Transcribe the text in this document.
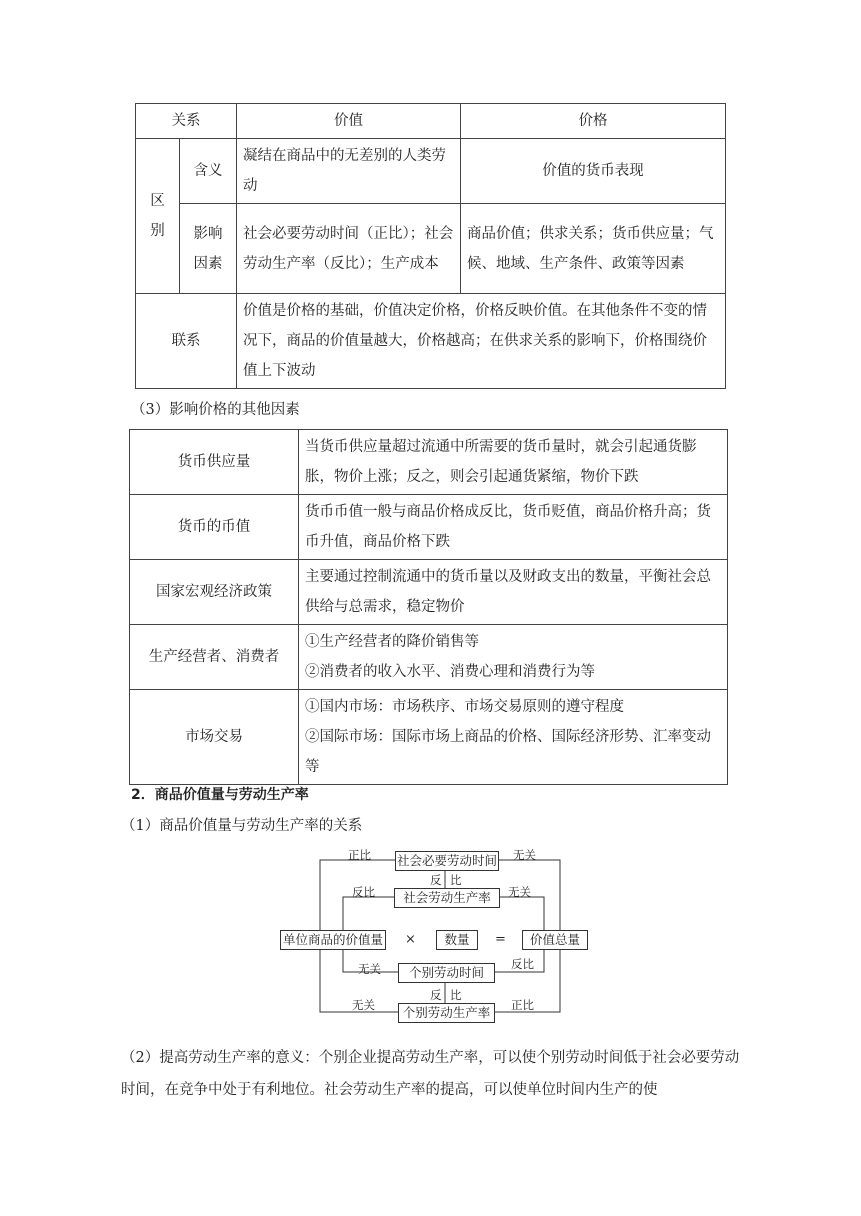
关系		价值	价格
区别	含义	凝结在商品中的无差别的人类劳动	价值的货币表现
	影响因素	社会必要劳动时间（正比）；社会劳动生产率（反比）；生产成本	商品价值；供求关系；货币供应量；气候、地域、生产条件、政策等因素
联系		价值是价格的基础，价值决定价格，价格反映价值。在其他条件不变的情况下，商品的价值量越大，价格越高；在供求关系的影响下，价格围绕价值上下波动	
（3）影响价格的其他因素
货币供应量	当货币供应量超过流通中所需要的货币量时，就会引起通货膨胀，物价上涨；反之，则会引起通货紧缩，物价下跌
货币的币值	货币币值一般与商品价格成反比，货币贬值，商品价格升高；货币升值，商品价格下跌
国家宏观经济政策	主要通过控制流通中的货币量以及财政支出的数量，平衡社会总供给与总需求，稳定物价
生产经营者、消费者	①生产经营者的降价销售等
②消费者的收入水平、消费心理和消费行为等

市场交易	①国内市场：市场秩序、市场交易原则的遵守程度
②国际市场：国际市场上商品的价格、国际经济形势、汇率变动等
2．商品价值量与劳动生产率
（1）商品价值量与劳动生产率的关系
社会必要劳动时间
社会劳动生产率
单位商品的价值量 ×	数量	=	价值总量
个别劳动时间
个别劳动生产率
正比	无关
反 比
反比	无关
无关	反比
反 比
无关	正比
（2）提高劳动生产率的意义：个别企业提高劳动生产率，可以使个别劳动时间低于社会必要劳动时间，在竞争中处于有利地位。社会劳动生产率的提高，可以使单位时间内生产的使
